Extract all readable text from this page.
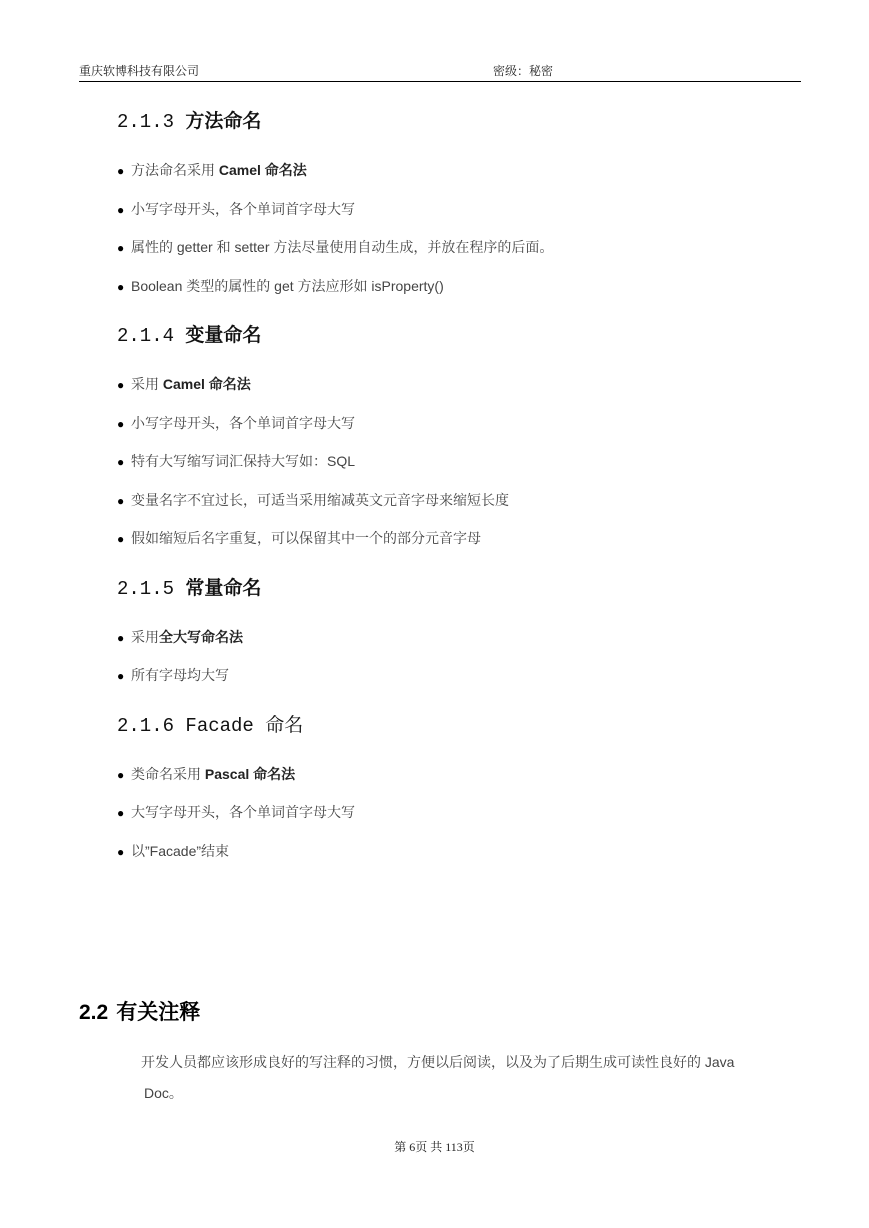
重庆软博科技有限公司	密级：秘密
2.1.3 方法命名
● 方法命名采用 Camel 命名法
● 小写字母开头，各个单词首字母大写
● 属性的 getter 和 setter 方法尽量使用自动生成，并放在程序的后面。
● Boolean 类型的属性的 get 方法应形如 isProperty()
2.1.4 变量命名
● 采用 Camel 命名法
● 小写字母开头，各个单词首字母大写
● 特有大写缩写词汇保持大写如：SQL
● 变量名字不宜过长，可适当采用缩减英文元音字母来缩短长度
● 假如缩短后名字重复，可以保留其中一个的部分元音字母
2.1.5 常量命名
● 采用全大写命名法
● 所有字母均大写
2.1.6 Facade 命名
● 类命名采用 Pascal 命名法
● 大写字母开头，各个单词首字母大写
● 以”Facade”结束
2.2 有关注释
开发人员都应该形成良好的写注释的习惯，方便以后阅读，以及为了后期生成可读性良好的 Java
Doc。
第 6页 共 113页
